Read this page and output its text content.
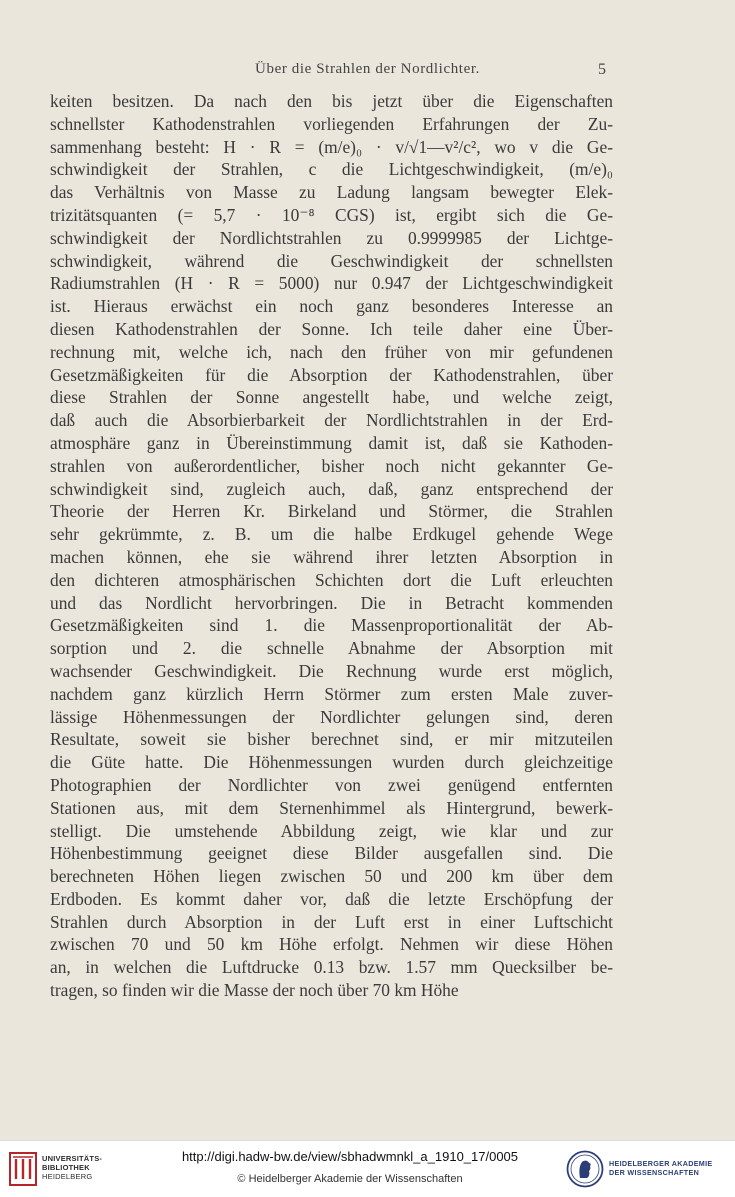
Über die Strahlen der Nordlichter.	5
keiten besitzen. Da nach den bis jetzt über die Eigenschaften
schnellster Kathodenstrahlen vorliegenden Erfahrungen der Zu-
sammenhang besteht: H · R = (m/e)₀ · v/√1—v²/c², wo v die Ge-
schwindigkeit der Strahlen, c die Lichtgeschwindigkeit, (m/e)₀
das Verhältnis von Masse zu Ladung langsam bewegter Elek-
trizitätsquanten (= 5,7 · 10⁻⁸ CGS) ist, ergibt sich die Ge-
schwindigkeit der Nordlichtstrahlen zu 0.9999985 der Lichtge-
schwindigkeit, während die Geschwindigkeit der schnellsten
Radiumstrahlen (H · R = 5000) nur 0.947 der Lichtgeschwindigkeit
ist. Hieraus erwächst ein noch ganz besonderes Interesse an
diesen Kathodenstrahlen der Sonne. Ich teile daher eine Über-
rechnung mit, welche ich, nach den früher von mir gefundenen
Gesetzmäßigkeiten für die Absorption der Kathodenstrahlen, über
diese Strahlen der Sonne angestellt habe, und welche zeigt,
daß auch die Absorbierbarkeit der Nordlichtstrahlen in der Erd-
atmosphäre ganz in Übereinstimmung damit ist, daß sie Kathoden-
strahlen von außerordentlicher, bisher noch nicht gekannter Ge-
schwindigkeit sind, zugleich auch, daß, ganz entsprechend der
Theorie der Herren Kr. Birkeland und Störmer, die Strahlen
sehr gekrümmte, z. B. um die halbe Erdkugel gehende Wege
machen können, ehe sie während ihrer letzten Absorption in
den dichteren atmosphärischen Schichten dort die Luft erleuchten
und das Nordlicht hervorbringen. Die in Betracht kommenden
Gesetzmäßigkeiten sind 1. die Massenproportionalität der Ab-
sorption und 2. die schnelle Abnahme der Absorption mit
wachsender Geschwindigkeit. Die Rechnung wurde erst möglich,
nachdem ganz kürzlich Herrn Störmer zum ersten Male zuver-
lässige Höhenmessungen der Nordlichter gelungen sind, deren
Resultate, soweit sie bisher berechnet sind, er mir mitzuteilen
die Güte hatte. Die Höhenmessungen wurden durch gleichzeitige
Photographien der Nordlichter von zwei genügend entfernten
Stationen aus, mit dem Sternenhimmel als Hintergrund, bewerk-
stelligt. Die umstehende Abbildung zeigt, wie klar und zur
Höhenbestimmung geeignet diese Bilder ausgefallen sind. Die
berechneten Höhen liegen zwischen 50 und 200 km über dem
Erdboden. Es kommt daher vor, daß die letzte Erschöpfung der
Strahlen durch Absorption in der Luft erst in einer Luftschicht
zwischen 70 und 50 km Höhe erfolgt. Nehmen wir diese Höhen
an, in welchen die Luftdrucke 0.13 bzw. 1.57 mm Quecksilber be-
tragen, so finden wir die Masse der noch über 70 km Höhe
UNIVERSITÄTS-
BIBLIOTHEK
HEIDELBERG
http://digi.hadw-bw.de/view/sbhadwmnkl_a_1910_17/0005
© Heidelberger Akademie der Wissenschaften
HEIDELBERGER AKADEMIE
DER WISSENSCHAFTEN
